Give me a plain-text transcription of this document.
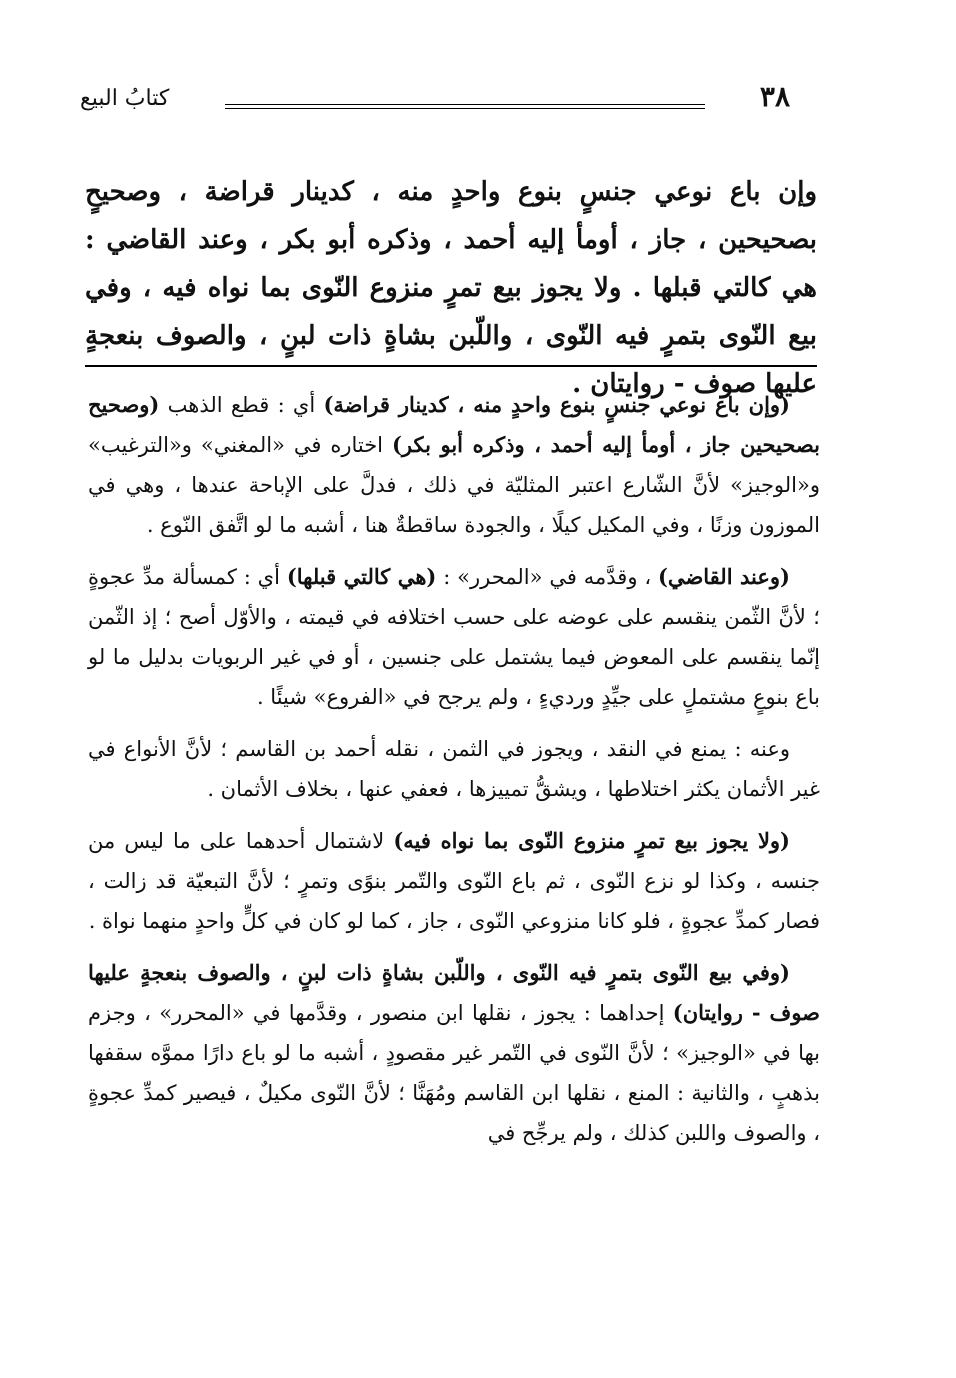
٣٨
كتابُ البيع
وإن باع نوعي جنسٍ بنوع واحدٍ منه ، كدينار قراضة ، وصحيحٍ بصحيحين ، جاز ، أومأ إليه أحمد ، وذكره أبو بكر ، وعند القاضي : هي كالتي قبلها . ولا يجوز بيع تمرٍ منزوع النّوى بما نواه فيه ، وفي بيع النّوى بتمرٍ فيه النّوى ، واللّبن بشاةٍ ذات لبنٍ ، والصوف بنعجةٍ عليها صوف - روايتان .

(وإن باع نوعي جنسٍ بنوع واحدٍ منه ، كدينار قراضة) أي : قطع الذهب (وصحيح بصحيحين جاز ، أومأ إليه أحمد ، وذكره أبو بكر) اختاره في «المغني» و«الترغيب» و«الوجيز» لأنَّ الشّارع اعتبر المثليّة في ذلك ، فدلَّ على الإباحة عندها ، وهي في الموزون وزنًا ، وفي المكيل كيلًا ، والجودة ساقطةٌ هنا ، أشبه ما لو اتَّفق النّوع .

(وعند القاضي) ، وقدَّمه في «المحرر» : (هي كالتي قبلها) أي : كمسألة مدِّ عجوةٍ ؛ لأنَّ الثّمن ينقسم على عوضه على حسب اختلافه في قيمته ، والأوّل أصح ؛ إذ الثّمن إنّما ينقسم على المعوض فيما يشتمل على جنسين ، أو في غير الربويات بدليل ما لو باع بنوعٍ مشتملٍ على جيِّدٍ ورديءٍ ، ولم يرجح في «الفروع» شيئًا .

وعنه : يمنع في النقد ، ويجوز في الثمن ، نقله أحمد بن القاسم ؛ لأنَّ الأنواع في غير الأثمان يكثر اختلاطها ، ويشقُّ تمييزها ، فعفي عنها ، بخلاف الأثمان .

(ولا يجوز بيع تمرٍ منزوع النّوى بما نواه فيه) لاشتمال أحدهما على ما ليس من جنسه ، وكذا لو نزع النّوى ، ثم باع النّوى والتّمر بنوًى وتمرٍ ؛ لأنَّ التبعيّة قد زالت ، فصار كمدِّ عجوةٍ ، فلو كانا منزوعي النّوى ، جاز ، كما لو كان في كلٍّ واحدٍ منهما نواة .

(وفي بيع النّوى بتمرٍ فيه النّوى ، واللّبن بشاةٍ ذات لبنٍ ، والصوف بنعجةٍ عليها صوف - روايتان) إحداهما : يجوز ، نقلها ابن منصور ، وقدَّمها في «المحرر» ، وجزم بها في «الوجيز» ؛ لأنَّ النّوى في التّمر غير مقصودٍ ، أشبه ما لو باع دارًا مموَّه سقفها بذهبٍ ، والثانية : المنع ، نقلها ابن القاسم ومُهَنَّا ؛ لأنَّ النّوى مكيلٌ ، فيصير كمدِّ عجوةٍ ، والصوف واللبن كذلك ، ولم يرجِّح في
